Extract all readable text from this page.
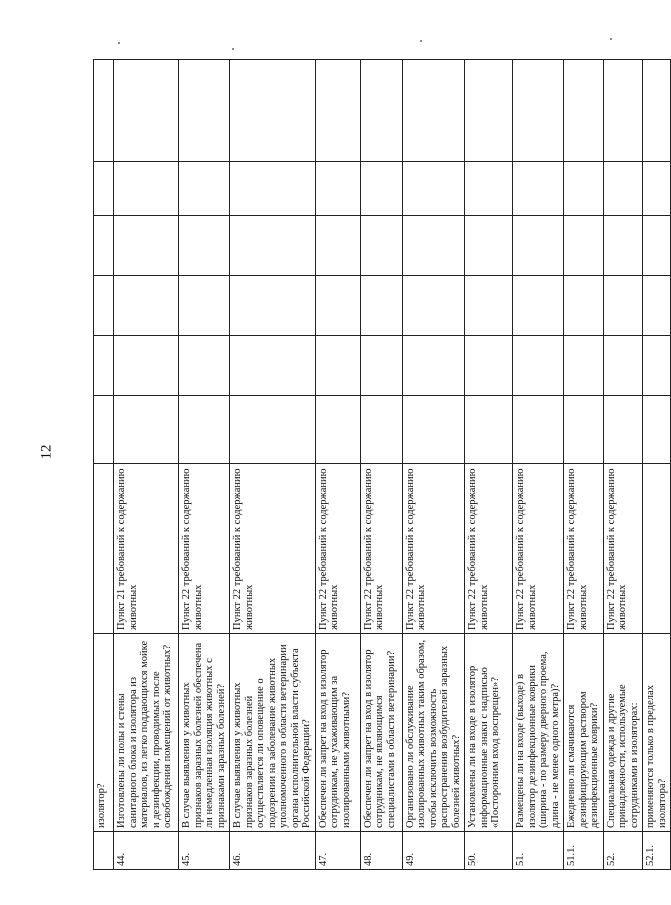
12
	изолятор?							
44.	Изготовлены ли полы и стены санитарного блока и изолятора из материалов, из легко поддающихся мойке и дезинфекции, проводимых после освобождения помещений от животных?	Пункт 21 требований к содержанию животных						
45.	В случае выявления у животных признаков заразных болезней обеспечена ли немедленная изоляция животных с признаками заразных болезней?	Пункт 22 требований к содержанию животных						
46.	В случае выявления у животных признаков заразных болезней осуществляется ли оповещение о подозрении на заболевание животных уполномоченного в области ветеринарии органа исполнительной власти субъекта Российской Федерации?	Пункт 22 требований к содержанию животных						
47.	Обеспечен ли запрет на вход в изолятор сотрудникам, не ухаживающим за изолированными животными?	Пункт 22 требований к содержанию животных						
48.	Обеспечен ли запрет на вход в изолятор сотрудникам, не являющимся специалистами в области ветеринарии?	Пункт 22 требований к содержанию животных						
49.	Организовано ли обслуживание изолированных животных таким образом, чтобы исключить возможность распространения возбудителей заразных болезней животных?	Пункт 22 требований к содержанию животных						
50.	Установлены ли на входе в изолятор информационные знаки с надписью «Посторонним вход воспрещен»?	Пункт 22 требований к содержанию животных						
51.	Размещены ли на входе (выходе) в изолятор дезинфекционные коврики (ширина - по размеру дверного проема, длина - не менее одного метра)?	Пункт 22 требований к содержанию животных						
51.1.	Ежедневно ли смачиваются дезинфицирующим раствором дезинфекционные коврики?	Пункт 22 требований к содержанию животных						
52.	Специальная одежда и другие принадлежности, используемые сотрудниками в изоляторах:	Пункт 22 требований к содержанию животных						
52.1.	применяются только в пределах изолятора?							
